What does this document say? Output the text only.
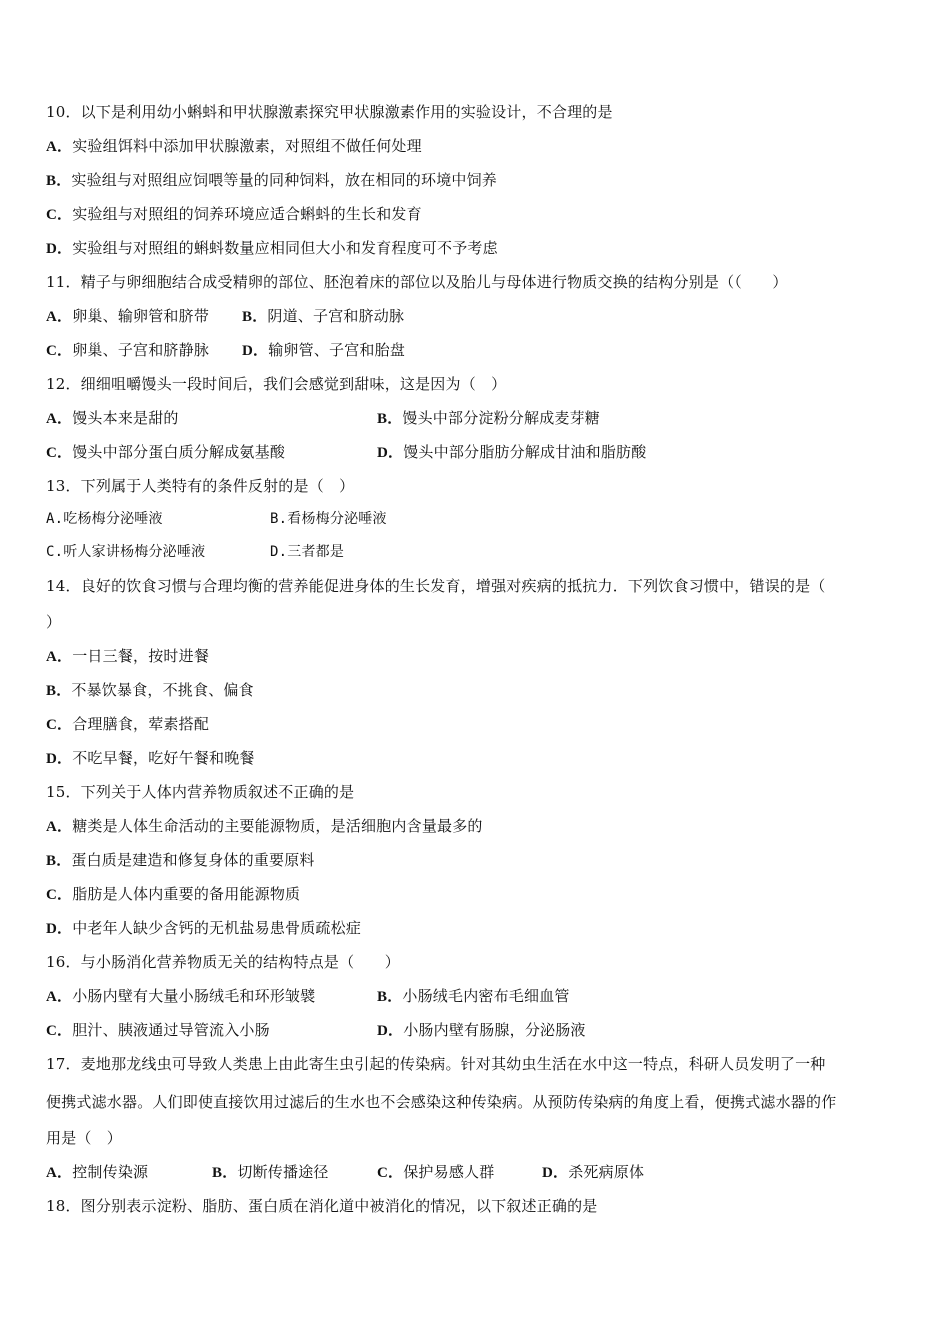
10．以下是利用幼小蝌蚪和甲状腺激素探究甲状腺激素作用的实验设计，不合理的是
A．实验组饵料中添加甲状腺激素，对照组不做任何处理
B．实验组与对照组应饲喂等量的同种饲料，放在相同的环境中饲养
C．实验组与对照组的饲养环境应适合蝌蚪的生长和发育
D．实验组与对照组的蝌蚪数量应相同但大小和发育程度可不予考虑
11．精子与卵细胞结合成受精卵的部位、胚泡着床的部位以及胎儿与母体进行物质交换的结构分别是（（　　）
A．卵巢、输卵管和脐带 B．阴道、子宫和脐动脉
C．卵巢、子宫和脐静脉 D．输卵管、子宫和胎盘
12．细细咀嚼馒头一段时间后，我们会感觉到甜味，这是因为（　）
A．馒头本来是甜的	B．馒头中部分淀粉分解成麦芽糖
C．馒头中部分蛋白质分解成氨基酸	D．馒头中部分脂肪分解成甘油和脂肪酸
13．下列属于人类特有的条件反射的是（　）
A.吃杨梅分泌唾液	B.看杨梅分泌唾液
C.听人家讲杨梅分泌唾液	D.三者都是
14．良好的饮食习惯与合理均衡的营养能促进身体的生长发育，增强对疾病的抵抗力．下列饮食习惯中，错误的是（
）
A．一日三餐，按时进餐
B．不暴饮暴食，不挑食、偏食
C．合理膳食，荤素搭配
D．不吃早餐，吃好午餐和晚餐
15．下列关于人体内营养物质叙述不正确的是
A．糖类是人体生命活动的主要能源物质，是活细胞内含量最多的
B．蛋白质是建造和修复身体的重要原料
C．脂肪是人体内重要的备用能源物质
D．中老年人缺少含钙的无机盐易患骨质疏松症
16．与小肠消化营养物质无关的结构特点是（　　）
A．小肠内壁有大量小肠绒毛和环形皱襞	B．小肠绒毛内密布毛细血管
C．胆汁、胰液通过导管流入小肠	D．小肠内壁有肠腺，分泌肠液
17．麦地那龙线虫可导致人类患上由此寄生虫引起的传染病。针对其幼虫生活在水中这一特点，科研人员发明了一种
便携式滤水器。人们即使直接饮用过滤后的生水也不会感染这种传染病。从预防传染病的角度上看，便携式滤水器的作
用是（　）
A．控制传染源	B．切断传播途径	C．保护易感人群	D．杀死病原体
18．图分别表示淀粉、脂肪、蛋白质在消化道中被消化的情况，以下叙述正确的是
